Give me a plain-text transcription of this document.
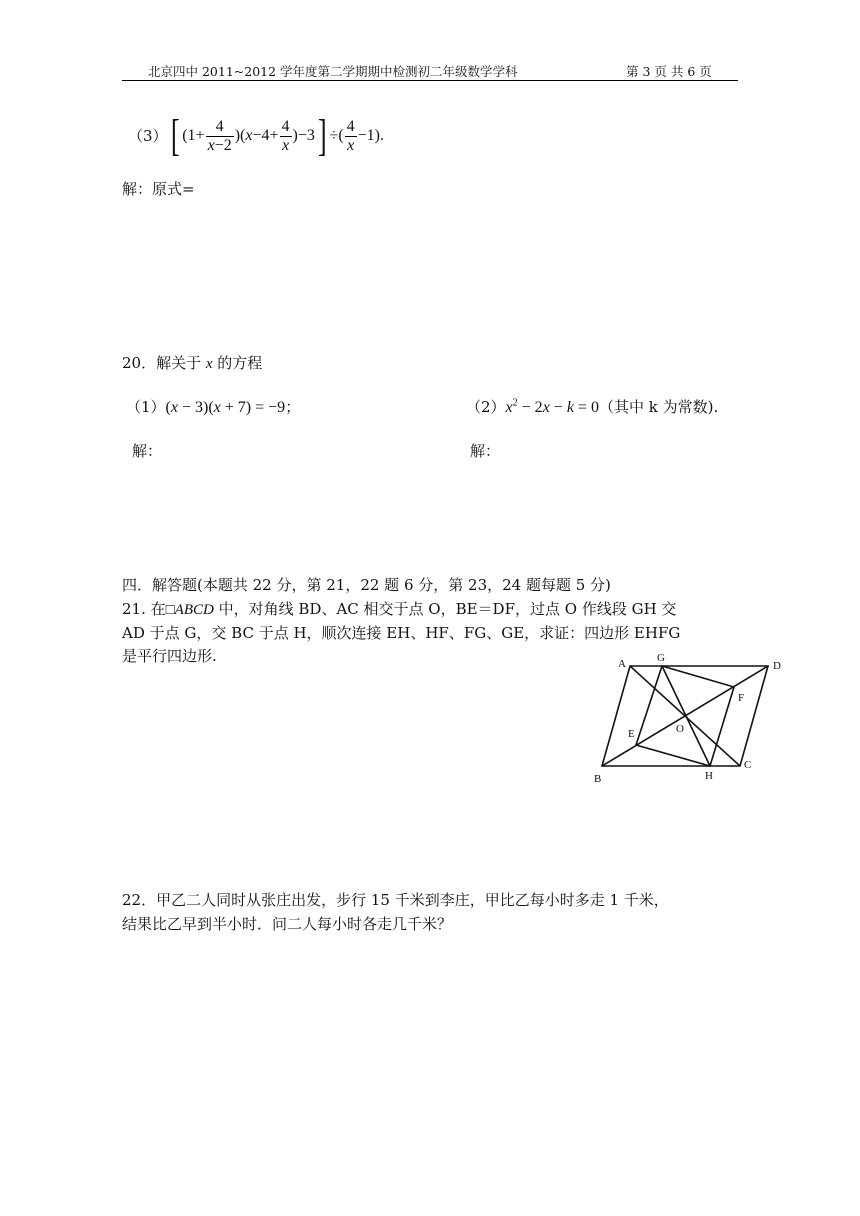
北京四中 2011~2012 学年度第二学期期中检测初二年级数学学科	第 3 页 共 6 页
（3）[ $(1+ \frac{4}{x-2} )(x-4+ \frac{4}{x} )-3$] ÷( $\frac{4}{x} -1$).
解：原式=
20．解关于 x 的方程
（1）(x − 3)(x + 7) = −9；	$(2)x^2 - 2x - k = 0$（其中 k 为常数).
解：	解：
四．解答题(本题共 22 分，第 21，22 题 6 分，第 23，24 题每题 5 分)
21. 在□ABCD 中，对角线 BD、AC 相交于点 O，BE＝DF，过点 O 作线段 GH 交
AD 于点 G，交 BC 于点 H，顺次连接 EH、HF、FG、GE，求证：四边形 EHFG
是平行四边形.	A	G
D
F
O
E
B	H
C
22．甲乙二人同时从张庄出发，步行 15 千米到李庄，甲比乙每小时多走 1 千米，
结果比乙早到半小时．问二人每小时各走几千米？
